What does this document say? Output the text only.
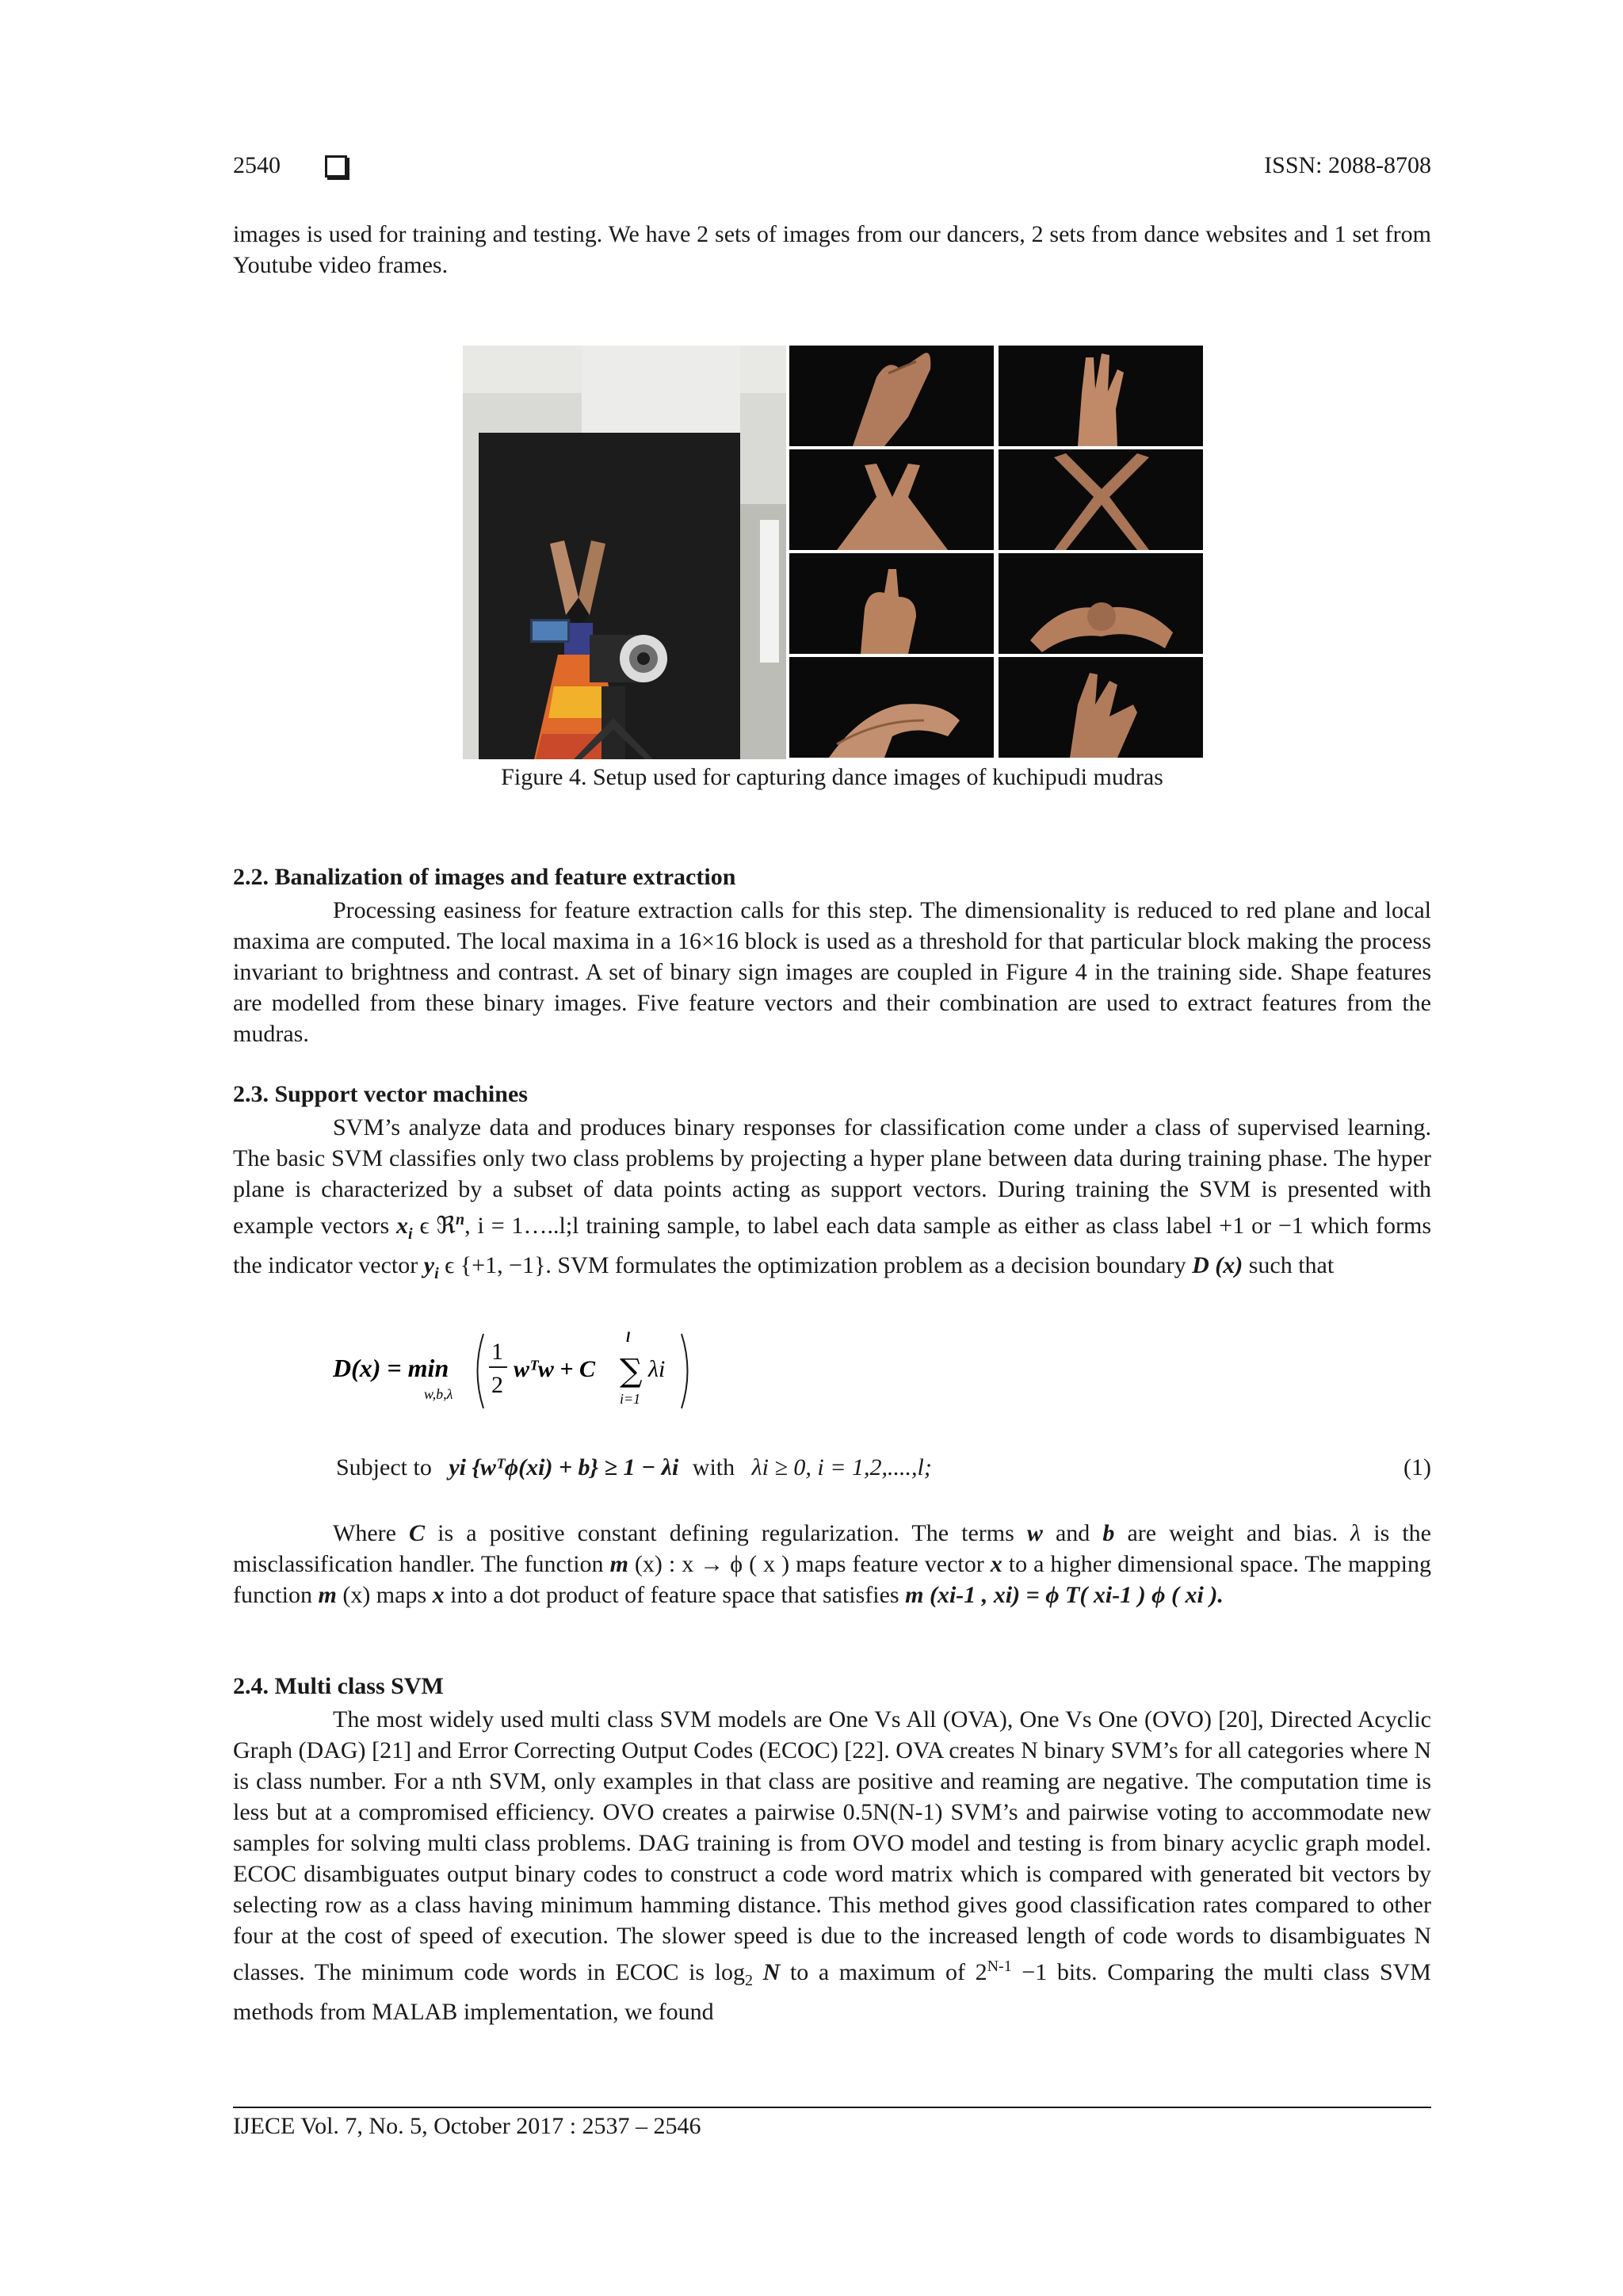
2540	ISSN: 2088-8708

images is used for training and testing. We have 2 sets of images from our dancers, 2 sets from dance websites and 1 set from Youtube video frames.

Figure 4. Setup used for capturing dance images of kuchipudi mudras

2.2. Banalization of images and feature extraction

Processing easiness for feature extraction calls for this step. The dimensionality is reduced to red plane and local maxima are computed. The local maxima in a 16×16 block is used as a threshold for that particular block making the process invariant to brightness and contrast. A set of binary sign images are coupled in Figure 4 in the training side. Shape features are modelled from these binary images. Five feature vectors and their combination are used to extract features from the mudras.

2.3. Support vector machines

SVM’s analyze data and produces binary responses for classification come under a class of supervised learning. The basic SVM classifies only two class problems by projecting a hyper plane between data during training phase. The hyper plane is characterized by a subset of data points acting as support vectors. During training the SVM is presented with example vectors $x_i$ ϵ ℜ$^n$, i = 1…..l;l training sample, to label each data sample as either as class label +1 or −1 which forms the indicator vector $y_i$ ϵ {+1, −1}. SVM formulates the optimization problem as a decision boundary D (x) such that

D(x) = min
w,b,λ
1
2
wᵀw + C
l
∑
i=1
λi
Subject to yi {wᵀϕ(xi) + b} ≥ 1 − λi with λi ≥ 0, i = 1,2,....,l;	(1)

Where C is a positive constant defining regularization. The terms w and b are weight and bias. λ is the misclassification handler. The function m (x) : x → ϕ ( x ) maps feature vector x to a higher dimensional space. The mapping function m (x) maps x into a dot product of feature space that satisfies m (xi-1 , xi) = ϕ T( xi-1 ) ϕ ( xi ).

2.4. Multi class SVM

The most widely used multi class SVM models are One Vs All (OVA), One Vs One (OVO) [20], Directed Acyclic Graph (DAG) [21] and Error Correcting Output Codes (ECOC) [22]. OVA creates N binary SVM’s for all categories where N is class number. For a nth SVM, only examples in that class are positive and reaming are negative. The computation time is less but at a compromised efficiency. OVO creates a pairwise 0.5N(N-1) SVM’s and pairwise voting to accommodate new samples for solving multi class problems. DAG training is from OVO model and testing is from binary acyclic graph model. ECOC disambiguates output binary codes to construct a code word matrix which is compared with generated bit vectors by selecting row as a class having minimum hamming distance. This method gives good classification rates compared to other four at the cost of speed of execution. The slower speed is due to the increased length of code words to disambiguates N classes. The minimum code words in ECOC is $\log_2 N$ to a maximum of $2^{N-1} -1$ bits. Comparing the multi class SVM methods from MALAB implementation, we found

IJECE Vol. 7, No. 5, October 2017 : 2537 – 2546
